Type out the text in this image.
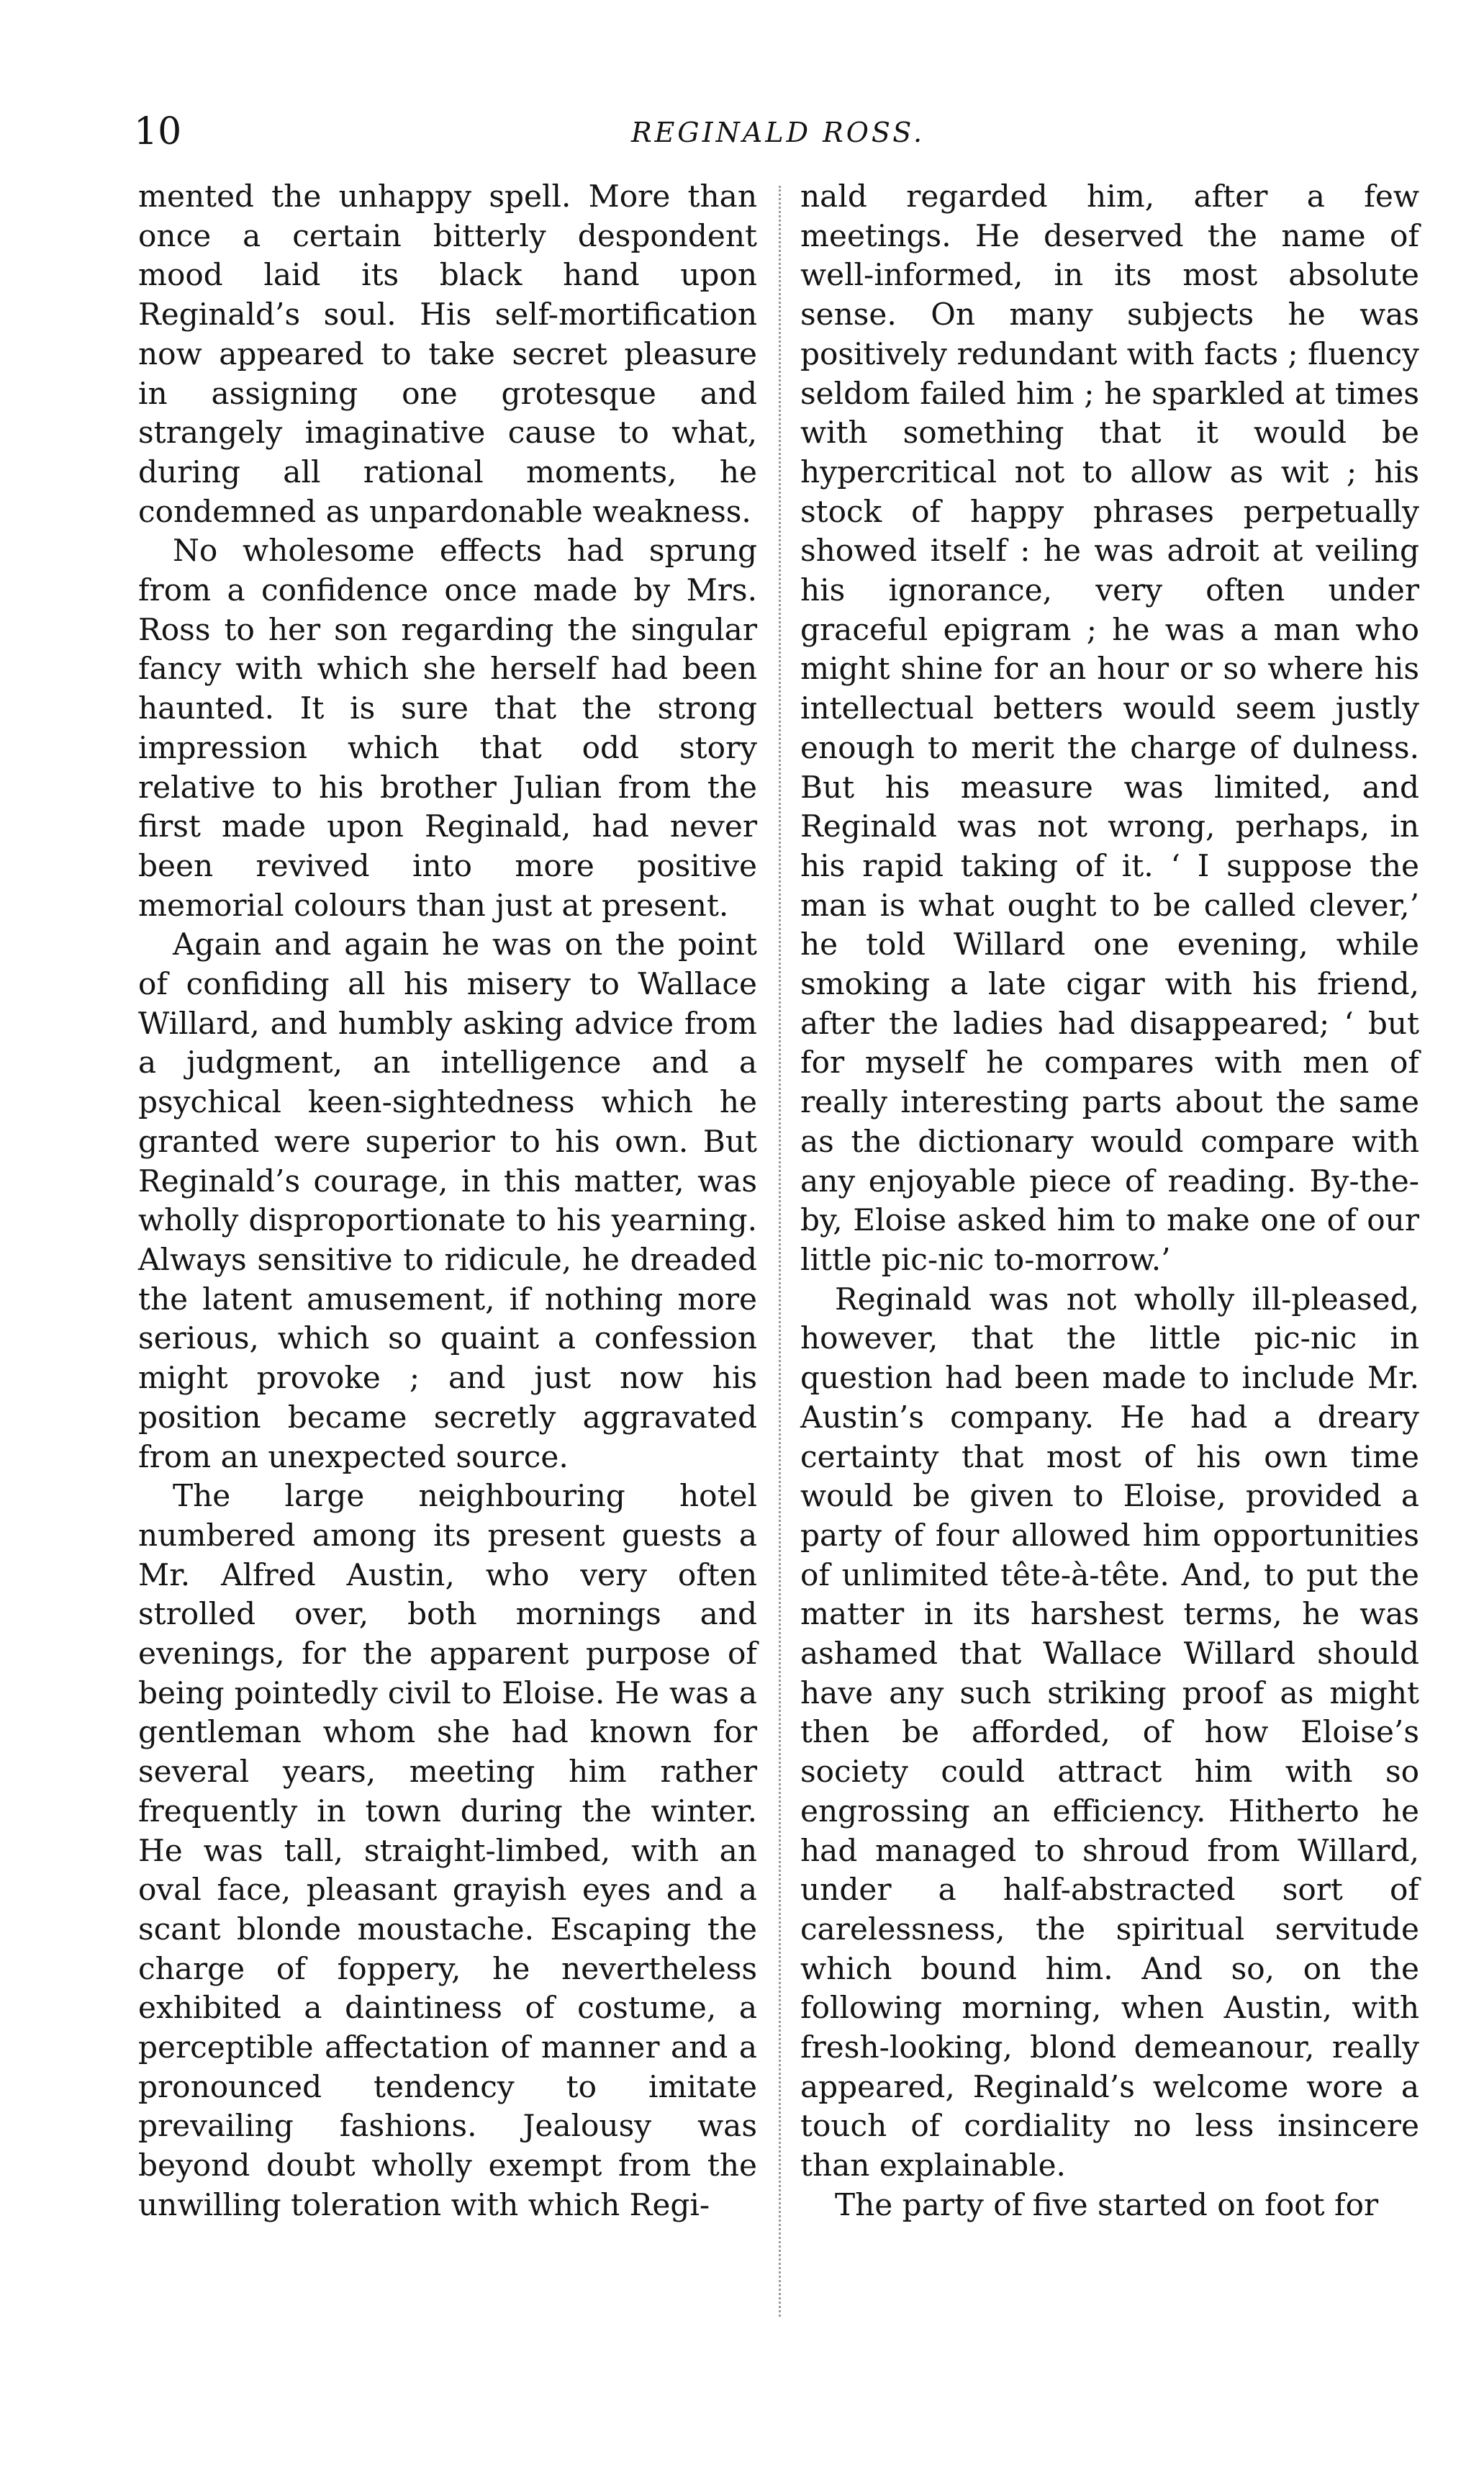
10	REGINALD ROSS.

mented the unhappy spell. More than once a certain bitterly despondent mood laid its black hand upon Reginald’s soul. His self-mortification now appeared to take secret pleasure in assigning one grotesque and strangely imaginative cause to what, during all rational moments, he condemned as unpardonable weakness.

No wholesome effects had sprung from a confidence once made by Mrs. Ross to her son regarding the singular fancy with which she herself had been haunted. It is sure that the strong impression which that odd story relative to his brother Julian from the first made upon Reginald, had never been revived into more positive memorial colours than just at present.

Again and again he was on the point of confiding all his misery to Wallace Willard, and humbly asking advice from a judgment, an intelligence and a psychical keen-sightedness which he granted were superior to his own. But Reginald’s courage, in this matter, was wholly disproportionate to his yearning. Always sensitive to ridicule, he dreaded the latent amusement, if nothing more serious, which so quaint a confession might provoke ; and just now his position became secretly aggravated from an unexpected source.

The large neighbouring hotel numbered among its present guests a Mr. Alfred Austin, who very often strolled over, both mornings and evenings, for the apparent purpose of being pointedly civil to Eloise. He was a gentleman whom she had known for several years, meeting him rather frequently in town during the winter. He was tall, straight-limbed, with an oval face, pleasant grayish eyes and a scant blonde moustache. Escaping the charge of foppery, he nevertheless exhibited a daintiness of costume, a perceptible affectation of manner and a pronounced tendency to imitate prevailing fashions. Jealousy was beyond doubt wholly exempt from the unwilling toleration with which Regi-

nald regarded him, after a few meetings. He deserved the name of well-informed, in its most absolute sense. On many subjects he was positively redundant with facts ; fluency seldom failed him ; he sparkled at times with something that it would be hypercritical not to allow as wit ; his stock of happy phrases perpetually showed itself : he was adroit at veiling his ignorance, very often under graceful epigram ; he was a man who might shine for an hour or so where his intellectual betters would seem justly enough to merit the charge of dulness. But his measure was limited, and Reginald was not wrong, perhaps, in his rapid taking of it. ‘ I suppose the man is what ought to be called clever,’ he told Willard one evening, while smoking a late cigar with his friend, after the ladies had disappeared; ‘ but for myself he compares with men of really interesting parts about the same as the dictionary would compare with any enjoyable piece of reading. By-the-by, Eloise asked him to make one of our little pic-nic to-morrow.’

Reginald was not wholly ill-pleased, however, that the little pic-nic in question had been made to include Mr. Austin’s company. He had a dreary certainty that most of his own time would be given to Eloise, provided a party of four allowed him opportunities of unlimited tête-à-tête. And, to put the matter in its harshest terms, he was ashamed that Wallace Willard should have any such striking proof as might then be afforded, of how Eloise’s society could attract him with so engrossing an efficiency. Hitherto he had managed to shroud from Willard, under a half-abstracted sort of carelessness, the spiritual servitude which bound him. And so, on the following morning, when Austin, with fresh-looking, blond demeanour, really appeared, Reginald’s welcome wore a touch of cordiality no less insincere than explainable.

The party of five started on foot for
